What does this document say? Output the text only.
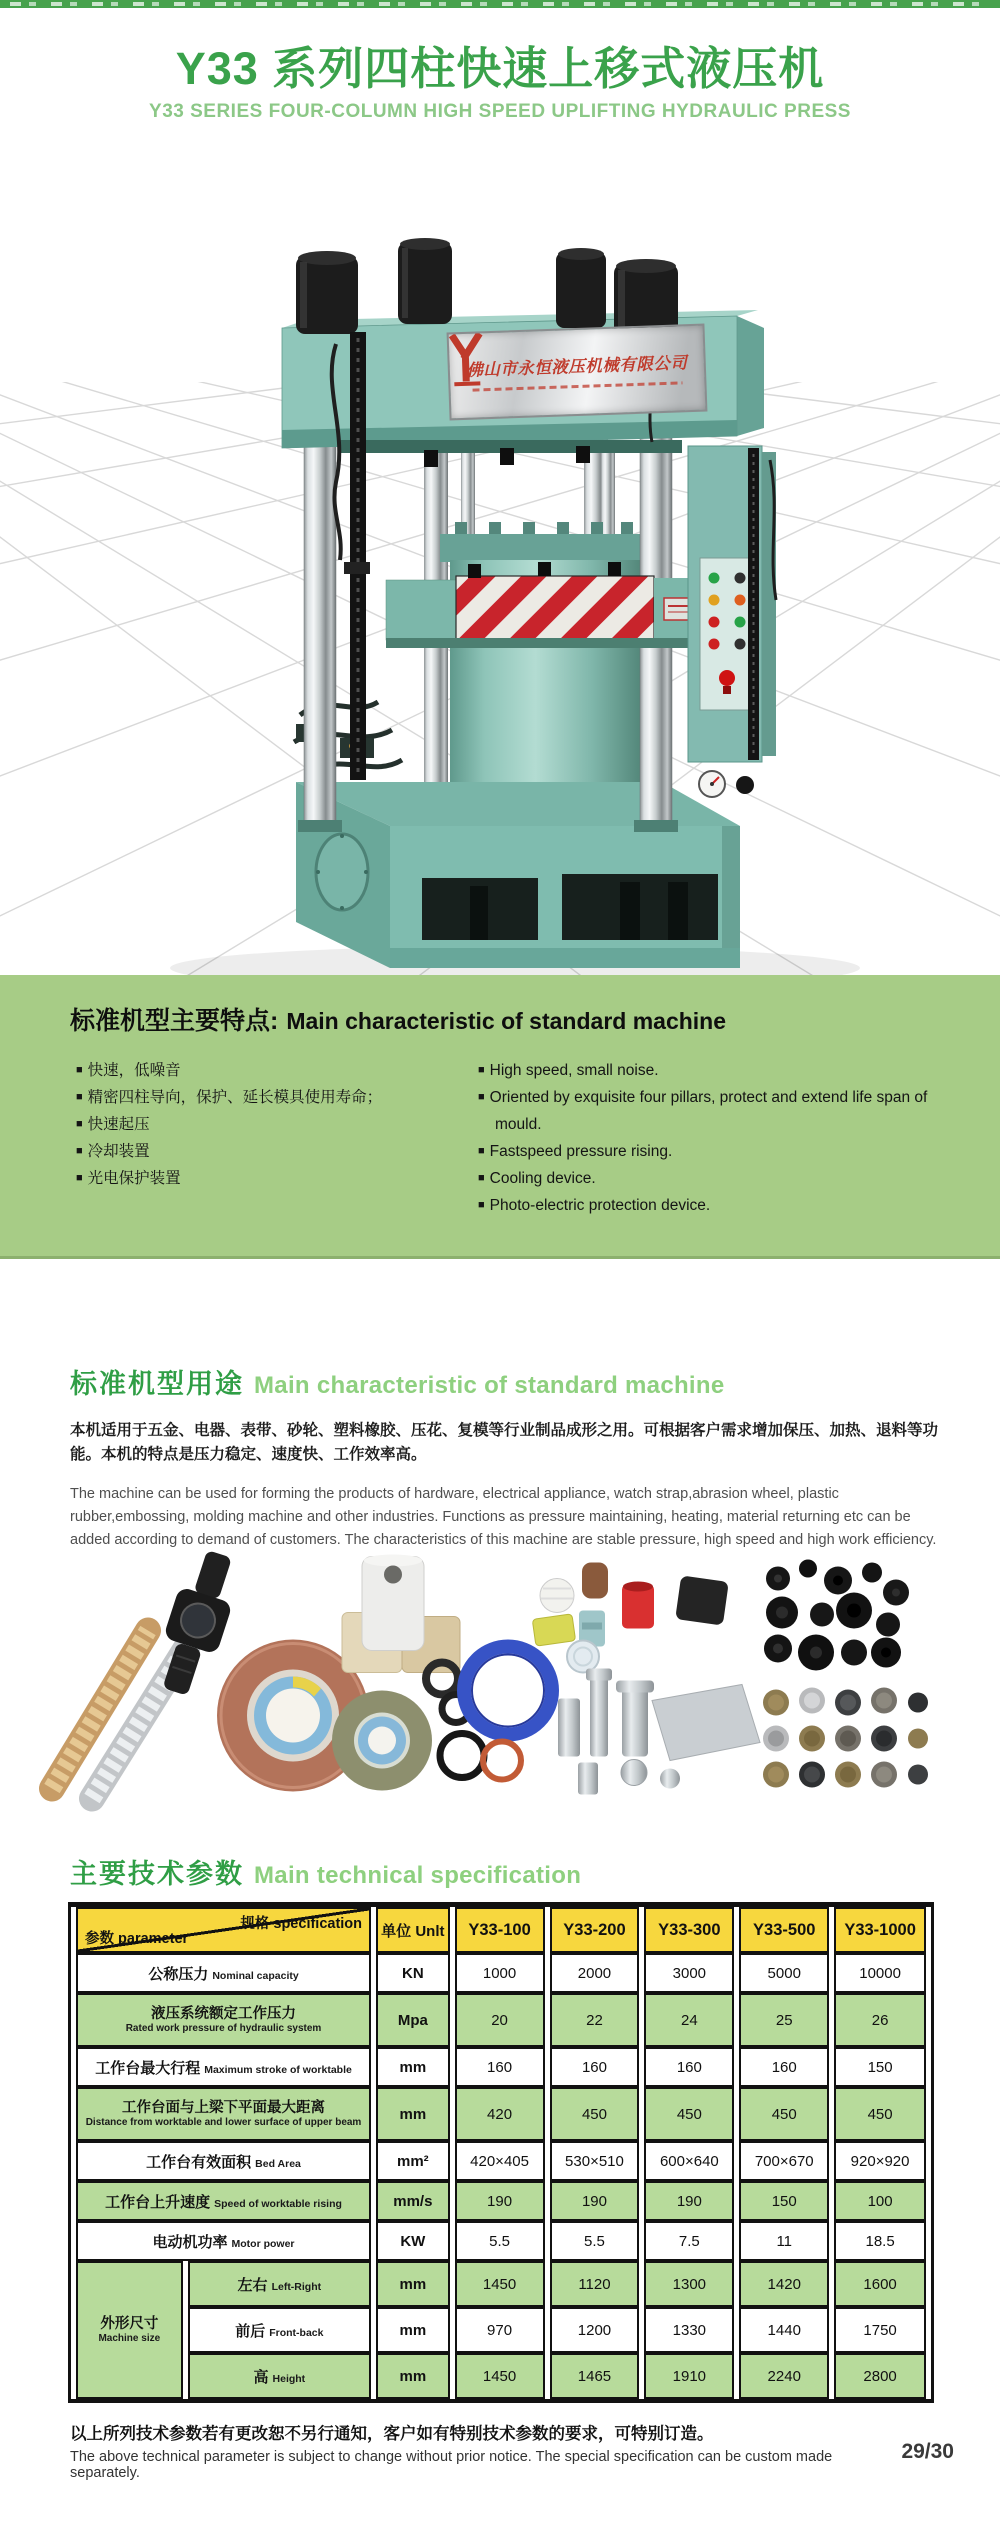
Y33 系列四柱快速上移式液压机
Y33 SERIES FOUR-COLUMN HIGH SPEED UPLIFTING HYDRAULIC PRESS
佛山市永恒液压机械有限公司
标准机型主要特点: Main characteristic of standard machine
■ 快速，低噪音
■ 精密四柱导向，保护、延长模具使用寿命；
■ 快速起压
■ 冷却装置
■ 光电保护装置
■ High speed, small noise.
■ Oriented by exquisite four pillars, protect and extend life span of mould.
■ Fastspeed pressure rising.
■ Cooling device.
■ Photo-electric protection device.
标准机型用途 Main characteristic of standard machine

本机适用于五金、电器、表带、砂轮、塑料橡胶、压花、复模等行业制品成形之用。可根据客户需求增加保压、加热、退料等功能。本机的特点是压力稳定、速度快、工作效率高。

The machine can be used for forming the products of hardware, electrical appliance, watch strap,abrasion wheel, plastic rubber,embossing, molding machine and other industries. Functions as pressure maintaining, heating, material returning etc can be added according to demand of customers. The characteristics of this machine are stable pressure, high speed and high work efficiency.

主要技术参数 Main technical specification
规格 specification
参数 parameter		单位 Unlt	Y33-100	Y33-200	Y33-300	Y33-500	Y33-1000
公称压力 Nominal capacity		KN	1000	2000	3000	5000	10000

液压系统额定工作压力
Rated work pressure of hydraulic system		Mpa	20	22	24	25	26
工作台最大行程 Maximum stroke of worktable		mm	160	160	160	160	150

工作台面与上梁下平面最大距离
Distance from worktable and lower surface of upper beam		mm	420	450	450	450	450
工作台有效面积 Bed Area		mm²	420×405	530×510	600×640	700×670	920×920
工作台上升速度 Speed of worktable rising		mm/s	190	190	190	150	100
电动机功率 Motor power		KW	5.5	5.5	7.5	11	18.5

外形尺寸
Machine size	左右 Left-Right	mm	1450	1120	1300	1420	1600
	前后 Front-back	mm	970	1200	1330	1440	1750
	高 Height	mm	1450	1465	1910	2240	2800
以上所列技术参数若有更改恕不另行通知，客户如有特别技术参数的要求，可特别订造。
The above technical parameter is subject to change without prior notice. The special specification can be custom made separately.
29/30
